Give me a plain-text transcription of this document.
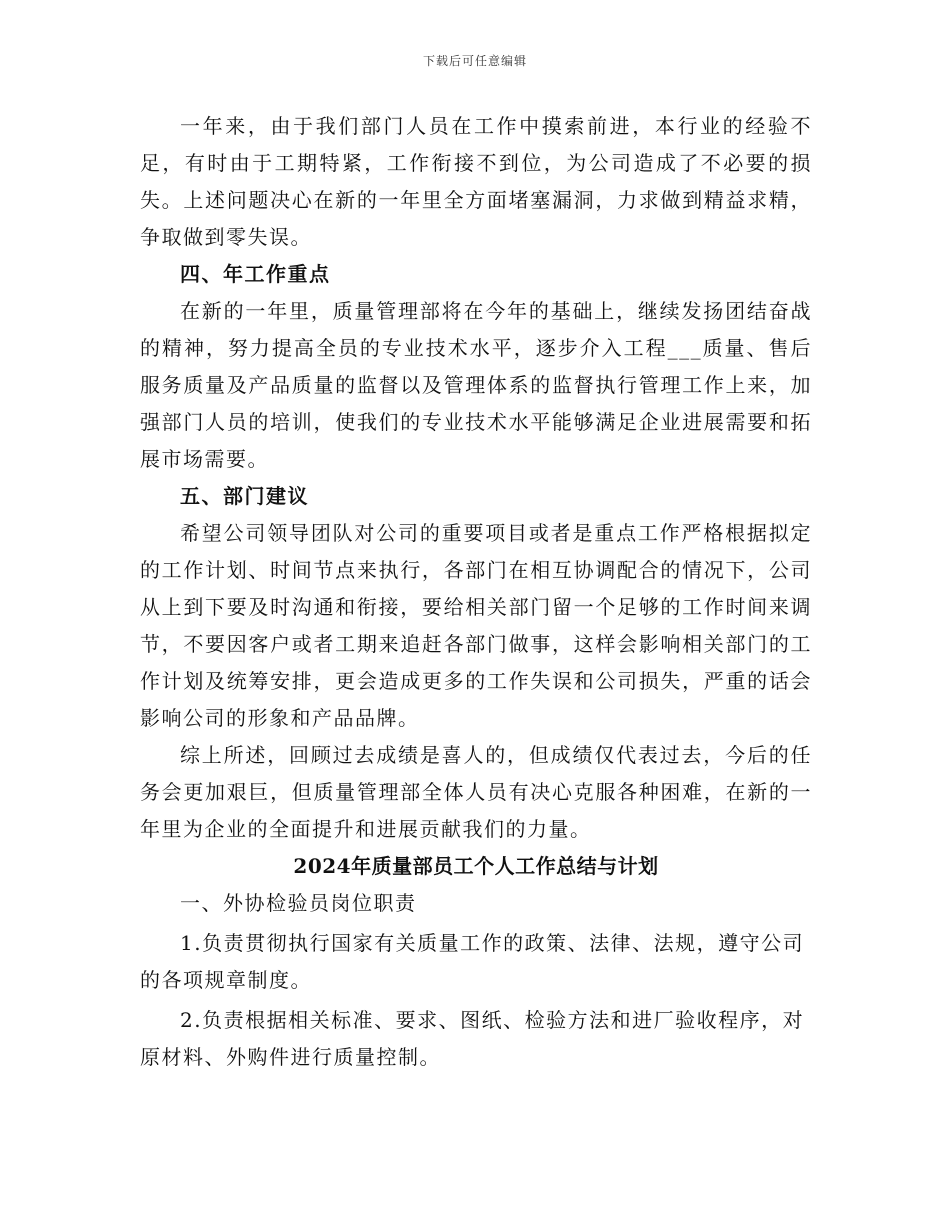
下载后可任意编辑

一年来，由于我们部门人员在工作中摸索前进，本行业的经验不足，有时由于工期特紧，工作衔接不到位，为公司造成了不必要的损失。上述问题决心在新的一年里全方面堵塞漏洞，力求做到精益求精，争取做到零失误。

四、年工作重点

在新的一年里，质量管理部将在今年的基础上，继续发扬团结奋战的精神，努力提高全员的专业技术水平，逐步介入工程___质量、售后服务质量及产品质量的监督以及管理体系的监督执行管理工作上来，加强部门人员的培训，使我们的专业技术水平能够满足企业进展需要和拓展市场需要。

五、部门建议

希望公司领导团队对公司的重要项目或者是重点工作严格根据拟定的工作计划、时间节点来执行，各部门在相互协调配合的情况下，公司从上到下要及时沟通和衔接，要给相关部门留一个足够的工作时间来调节，不要因客户或者工期来追赶各部门做事，这样会影响相关部门的工作计划及统筹安排，更会造成更多的工作失误和公司损失，严重的话会影响公司的形象和产品品牌。

综上所述，回顾过去成绩是喜人的，但成绩仅代表过去，今后的任务会更加艰巨，但质量管理部全体人员有决心克服各种困难，在新的一年里为企业的全面提升和进展贡献我们的力量。

2024年质量部员工个人工作总结与计划

一、外协检验员岗位职责

1.负责贯彻执行国家有关质量工作的政策、法律、法规，遵守公司的各项规章制度。

2.负责根据相关标准、要求、图纸、检验方法和进厂验收程序，对原材料、外购件进行质量控制。
